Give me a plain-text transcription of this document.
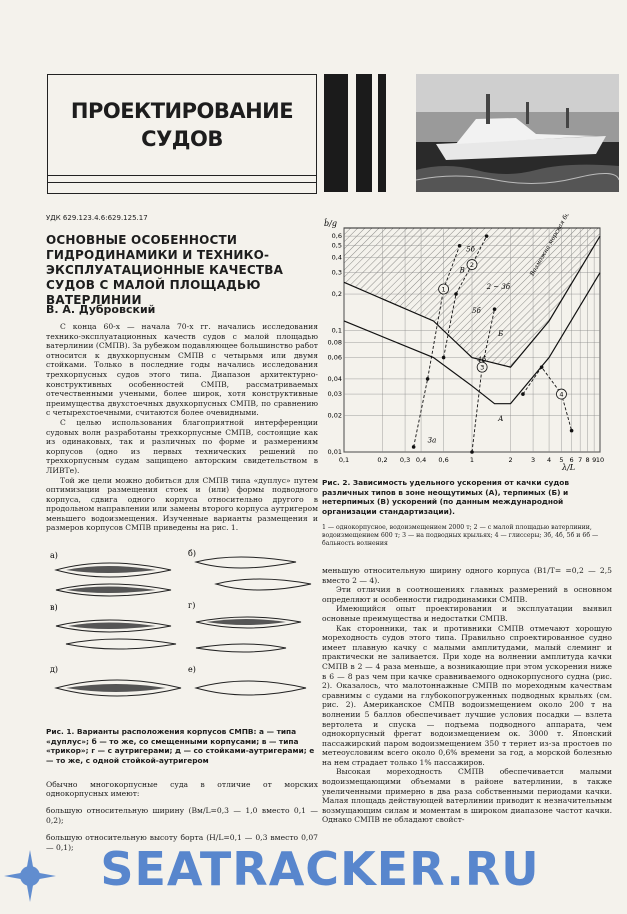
ПРОЕКТИРОВАНИЕ
СУДОВ
УДК 629.123.4.6:629.125.17
ОСНОВНЫЕ ОСОБЕННОСТИ ГИДРОДИНАМИКИ И ТЕХНИКО-ЭКСПЛУАТАЦИОННЫЕ КАЧЕСТВА СУДОВ С МАЛОЙ ПЛОЩАДЬЮ ВАТЕРЛИНИИ
В. А. Дубровский

С конца 60-х — начала 70-х гг. начались исследования технико-эксплуатационных качеств судов с малой площадью ватерлинии (СМПВ). За рубежом подавляющее большинство работ относится к двухкорпусным СМПВ с четырьмя или двумя стойками. Только в последние годы начались исследования трехкорпусных судов этого типа. Диапазон архитектурно-конструктивных особенностей СМПВ, рассматриваемых отечественными учеными, более широк, хотя конструктивные преимущества двухстоечных двухкорпусных СМПВ, по сравнению с четырехстоечными, считаются более очевидными.

С целью использования благоприятной интерференции судовых волн разработаны трехкорпусные СМПВ, состоящие как из одинаковых, так и различных по форме и размерениям корпусов (одно из первых технических решений по трехкорпусным судам защищено авторским свидетельством в ЛИВТе).

Той же цели можно добиться для СМПВ типа «дуплус» путем оптимизации размещения стоек и (или) формы подводного корпуса, сдвига одного корпуса относительно другого в продольном направлении или замены второго корпуса аутригером меньшего водоизмещения. Изученные варианты размещения и размеров корпусов СМПВ приведены на рис. 1.

а)	б)
в)	г)
д)	е)
Рис. 1. Варианты расположения корпусов СМПВ: а — типа «дуплус»; б — то же, со смещенными корпусами; в — типа «трикор»; г — с аутригерами; д — со стойками-аутригерами; е — то же, с одной стойкой-аутригером

Обычно многокорпусные суда в отличие от морских однокорпусных имеют:

большую относительную ширину (Bм/L=0,3 — 1,0 вместо 0,1 — 0,2);

большую относительную высоту борта (H/L=0,1 — 0,3 вместо 0,07 — 0,1);

0,1	0,2 0,3 0,4 0,6	1	2	3 4 5 6 7 8 9 10
0,6
0,5
0,4
0,3
0,2
0,1
0,08
0,06
0,04
0,03
0,02
0,01
1
2
3
4
2 ~ 3б
А
Б
В
3а
5б
5б
4б
ḃ/g
λ/L
Рис. 2. Зависимость удельного ускорения от качки судов различных типов в зоне неощутимых (А), терпимых (Б) и нетерпимых (В) ускорений (по данным международной организации стандартизации).
1 — однокорпусное, водоизмещением 2000 т; 2 — с малой площадью ватерлинии, водоизмещением 600 т; 3 — на подводных крыльях; 4 — глиссеры; 3б, 4б, 5б и 6б — бальность волнения

меньшую относительную ширину одного корпуса (B1/T= =0,2 — 2,5 вместо 2 — 4).

Эти отличия в соотношениях главных размерений в основном определяют и особенности гидродинамики СМПВ.

Имеющийся опыт проектирования и эксплуатации выявил основные преимущества и недостатки СМПВ.

Как сторонники, так и противники СМПВ отмечают хорошую мореходность судов этого типа. Правильно спроектированное судно имеет плавную качку с малыми амплитудами, малый слеминг и практически не заливается. При ходе на волнении амплитуда качки СМПВ в 2 — 4 раза меньше, а возникающие при этом ускорения ниже в 6 — 8 раз чем при качке сравниваемого однокорпусного судна (рис. 2). Оказалось, что малотоннажные СМПВ по мореходным качествам сравнимы с судами на глубокопогруженных подводных крыльях (см. рис. 2). Американское СМПВ водоизмещением около 200 т на волнении 5 баллов обеспечивает лучшие условия посадки — взлета вертолета и спуска — подъема подводного аппарата, чем однокорпусный фрегат водоизмещением ок. 3000 т. Японский пассажирский паром водоизмещением 350 т теряет из-за простоев по метеоусловиям всего около 0,6% времени за год, а морской болезнью на нем страдает только 1% пассажиров.

Высокая мореходность СМПВ обеспечивается малыми водоизмещающими объемами в районе ватерлинии, в также увеличенными примерно в два раза собственными периодами качки. Малая площадь действующей ватерлинии приводит к незначительным возмущающим силам и моментам в широком диапазоне частот качки. Однако СМПВ не обладают свойст-

SEATRACKER.RU
